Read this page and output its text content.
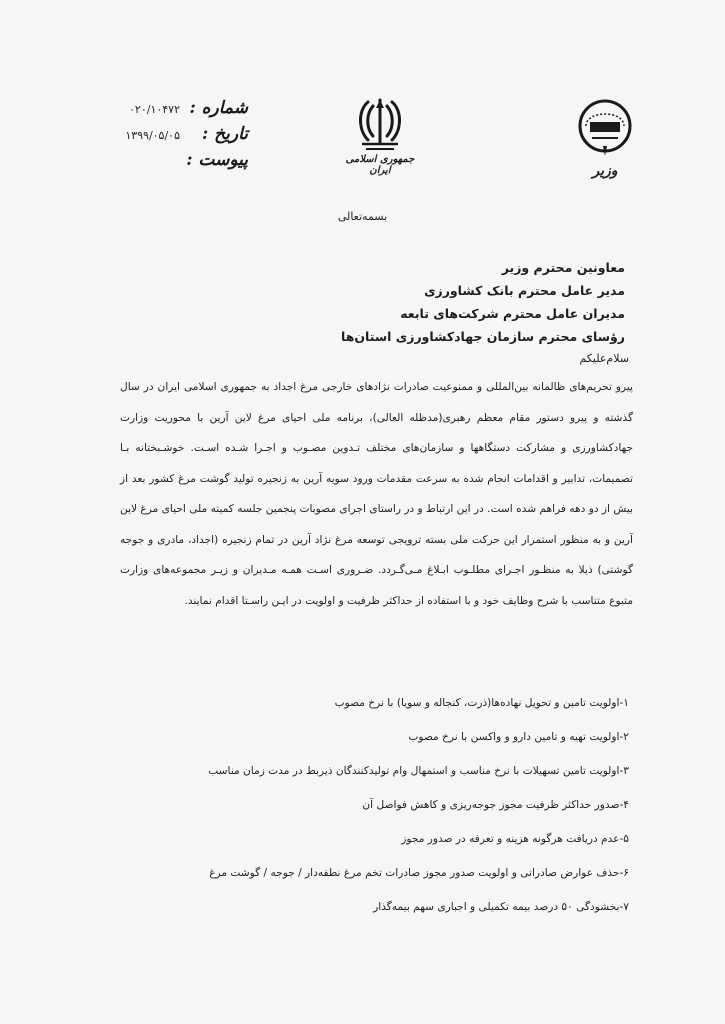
شماره :
۰۲۰/۱۰۴۷۲
تاریخ :
۱۳۹۹/۰۵/۰۵
پیوست :	جمهوری اسلامی ایران	وزیر
بسمه‌تعالی
معاونین محترم وزیر
مدیر عامل محترم بانک کشاورزی
مدیران عامل محترم شرکت‌های تابعه
رؤسای محترم سازمان جهادکشاورزی استان‌ها
سلام‌علیکم

پیرو تحریم‌های ظالمانه بین‌المللی و ممنوعیت صادرات نژادهای خارجی مرغ اجداد به جمهوری اسلامی ایران در سال گذشته و پیرو دستور مقام معظم رهبری(مدظله العالی)، برنامه ملی احیای مرغ لاین آرین با محوریت وزارت جهادکشاورزی و مشارکت دستگاهها و سازمان‌های مختلف تـدوین مصـوب و اجـرا شـده اسـت. خوشـبختانه بـا تصمیمات، تدابیر و اقدامات انجام شده به سرعت مقدمات ورود سویه آرین به زنجیره تولید گوشت مرغ کشور بعد از بیش از دو دهه فراهم شده است. در این ارتباط و در راستای اجرای مصوبات پنجمین جلسه کمیته ملی احیای مرغ لاین آرین و به منظور استمرار این حرکت ملی بسته ترویجی توسعه مرغ نژاد آرین در تمام زنجیره (اجداد، مادری و جوجه گوشتی) ذیلا به منظـور اجـرای مطلـوب ابـلاغ مـی‌گـردد. ضـروری اسـت همـه مـدیران و زیـر مجموعه‌های وزارت متبوع متناسب با شرح وظایف خود و با استفاده از حداکثر ظرفیت و اولویت در ایـن راسـتا اقدام نمایند.

۱-اولویت تامین و تحویل نهاده‌ها(ذرت، کنجاله و سویا) با نرخ مصوب
۲-اولویت تهیه و تامین دارو و واکسن با نرخ مصوب
۳-اولویت تامین تسهیلات با نرخ مناسب و استمهال وام تولیدکنندگان ذیربط در مدت زمان مناسب
۴-صدور حداکثر ظرفیت مجوز جوجه‌ریزی و کاهش فواصل آن
۵-عدم دریافت هرگونه هزینه و تعرفه در صدور مجوز
۶-حذف عوارض صادراتی و اولویت صدور مجوز صادرات تخم مرغ نطفه‌دار / جوجه / گوشت مرغ
۷-بخشودگی ۵۰ درصد بیمه تکمیلی و اجباری سهم بیمه‌گذار
